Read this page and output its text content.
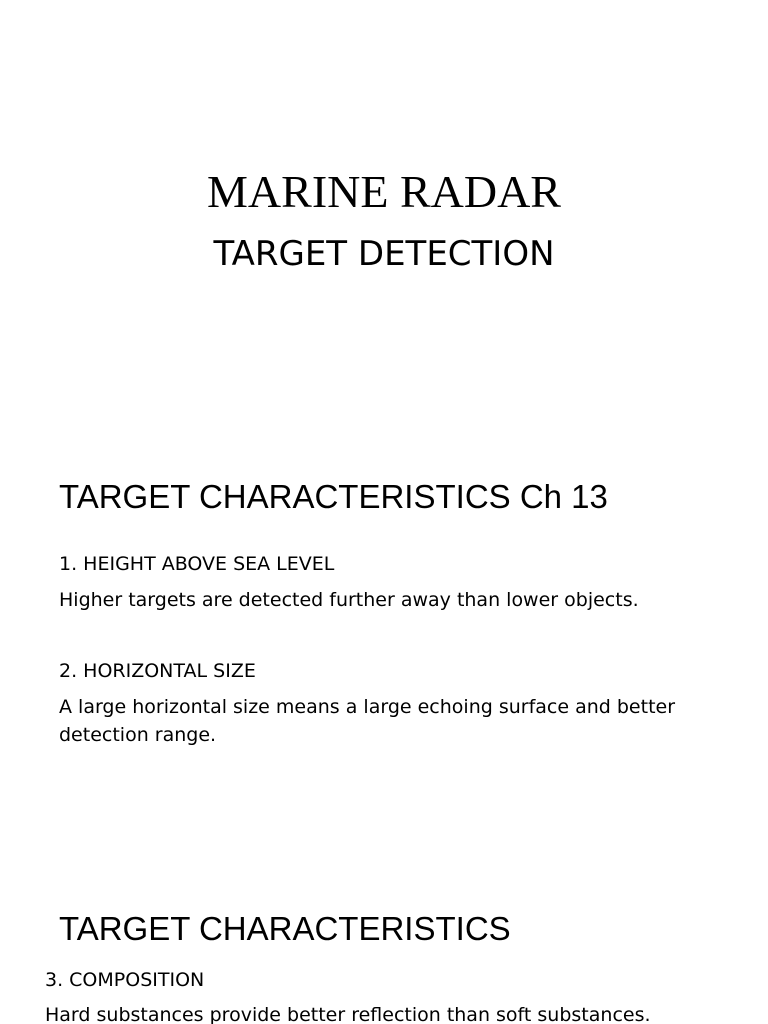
MARINE RADAR
TARGET DETECTION
TARGET CHARACTERISTICS Ch 13
1. HEIGHT ABOVE SEA LEVEL
Higher targets are detected further away than lower objects.
2. HORIZONTAL SIZE
A large horizontal size means a large echoing surface and better detection range.
TARGET CHARACTERISTICS
3. COMPOSITION
Hard substances provide better reflection than soft substances.
